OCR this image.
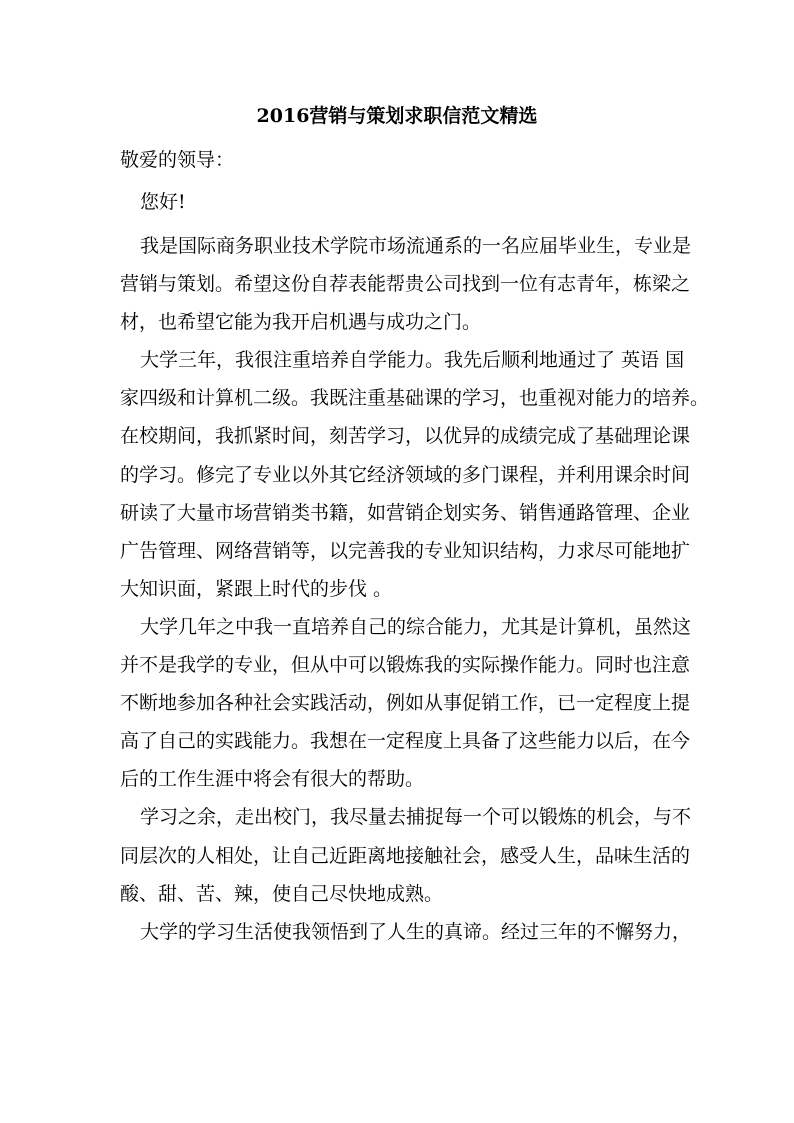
2016营销与策划求职信范文精选

敬爱的领导：

您好!

我是国际商务职业技术学院市场流通系的一名应届毕业生，专业是
营销与策划。希望这份自荐表能帮贵公司找到一位有志青年，栋梁之
材，也希望它能为我开启机遇与成功之门。

大学三年，我很注重培养自学能力。我先后顺利地通过了 英语 国
家四级和计算机二级。我既注重基础课的学习，也重视对能力的培养。
在校期间，我抓紧时间，刻苦学习，以优异的成绩完成了基础理论课
的学习。修完了专业以外其它经济领域的多门课程，并利用课余时间
研读了大量市场营销类书籍，如营销企划实务、销售通路管理、企业
广告管理、网络营销等，以完善我的专业知识结构，力求尽可能地扩
大知识面，紧跟上时代的步伐 。

大学几年之中我一直培养自己的综合能力，尤其是计算机，虽然这
并不是我学的专业，但从中可以锻炼我的实际操作能力。同时也注意
不断地参加各种社会实践活动，例如从事促销工作，已一定程度上提
高了自己的实践能力。我想在一定程度上具备了这些能力以后，在今
后的工作生涯中将会有很大的帮助。

学习之余，走出校门，我尽量去捕捉每一个可以锻炼的机会，与不
同层次的人相处，让自己近距离地接触社会，感受人生，品味生活的
酸、甜、苦、辣，使自己尽快地成熟。

大学的学习生活使我领悟到了人生的真谛。经过三年的不懈努力，
